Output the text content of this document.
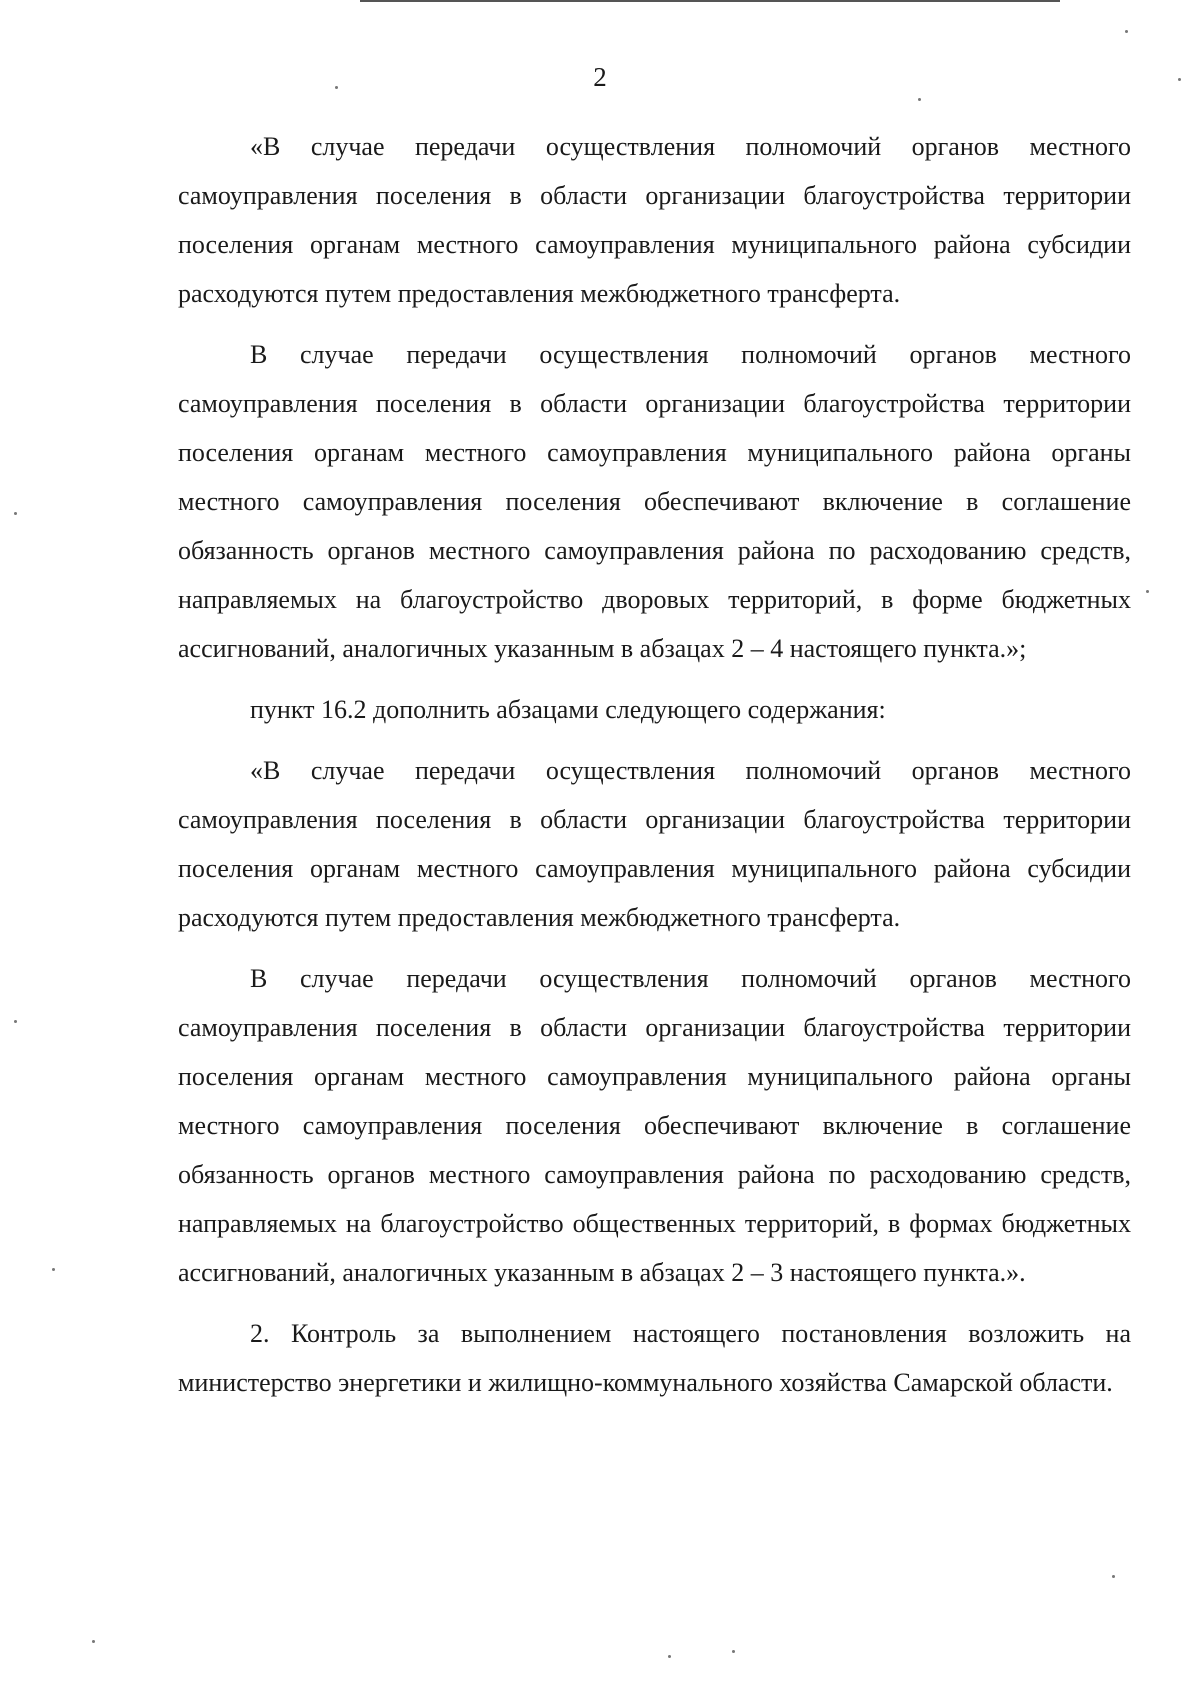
2

«В случае передачи осуществления полномочий органов местного самоуправления поселения в области организации благоустройства территории поселения органам местного самоуправления муниципального района субсидии расходуются путем предоставления межбюджетного трансферта.

В случае передачи осуществления полномочий органов местного самоуправления поселения в области организации благоустройства территории поселения органам местного самоуправления муниципального района органы местного самоуправления поселения обеспечивают включение в соглашение обязанность органов местного самоуправления района по расходованию средств, направляемых на благоустройство дворовых территорий, в форме бюджетных ассигнований, аналогичных указанным в абзацах 2 – 4 настоящего пункта.»;

пункт 16.2 дополнить абзацами следующего содержания:

«В случае передачи осуществления полномочий органов местного самоуправления поселения в области организации благоустройства территории поселения органам местного самоуправления муниципального района субсидии расходуются путем предоставления межбюджетного трансферта.

В случае передачи осуществления полномочий органов местного самоуправления поселения в области организации благоустройства территории поселения органам местного самоуправления муниципального района органы местного самоуправления поселения обеспечивают включение в соглашение обязанность органов местного самоуправления района по расходованию средств, направляемых на благоустройство общественных территорий, в формах бюджетных ассигнований, аналогичных указанным в абзацах 2 – 3 настоящего пункта.».

2. Контроль за выполнением настоящего постановления возложить на министерство энергетики и жилищно-коммунального хозяйства Самарской области.
